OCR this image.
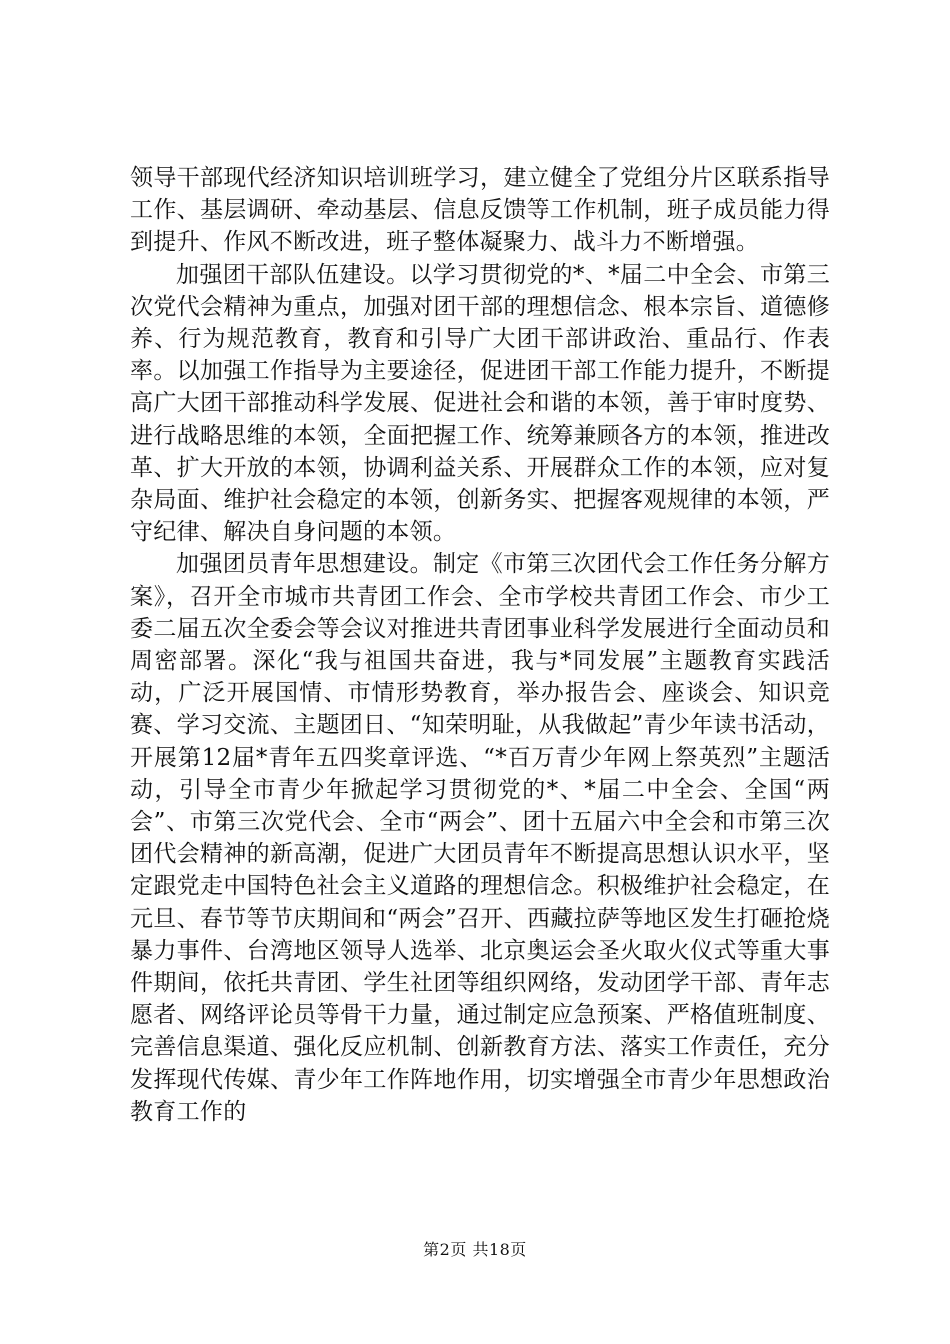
领导干部现代经济知识培训班学习，建立健全了党组分片区联系指导工作、基层调研、牵动基层、信息反馈等工作机制，班子成员能力得到提升、作风不断改进，班子整体凝聚力、战斗力不断增强。

加强团干部队伍建设。以学习贯彻党的*、*届二中全会、市第三次党代会精神为重点，加强对团干部的理想信念、根本宗旨、道德修养、行为规范教育，教育和引导广大团干部讲政治、重品行、作表率。以加强工作指导为主要途径，促进团干部工作能力提升，不断提高广大团干部推动科学发展、促进社会和谐的本领，善于审时度势、进行战略思维的本领，全面把握工作、统筹兼顾各方的本领，推进改革、扩大开放的本领，协调利益关系、开展群众工作的本领，应对复杂局面、维护社会稳定的本领，创新务实、把握客观规律的本领，严守纪律、解决自身问题的本领。

加强团员青年思想建设。制定《市第三次团代会工作任务分解方案》，召开全市城市共青团工作会、全市学校共青团工作会、市少工委二届五次全委会等会议对推进共青团事业科学发展进行全面动员和周密部署。深化“我与祖国共奋进，我与*同发展”主题教育实践活动，广泛开展国情、市情形势教育，举办报告会、座谈会、知识竞赛、学习交流、主题团日、“知荣明耻，从我做起”青少年读书活动，开展第12届*青年五四奖章评选、“*百万青少年网上祭英烈”主题活动，引导全市青少年掀起学习贯彻党的*、*届二中全会、全国“两会”、市第三次党代会、全市“两会”、团十五届六中全会和市第三次团代会精神的新高潮，促进广大团员青年不断提高思想认识水平，坚定跟党走中国特色社会主义道路的理想信念。积极维护社会稳定，在元旦、春节等节庆期间和“两会”召开、西藏拉萨等地区发生打砸抢烧暴力事件、台湾地区领导人选举、北京奥运会圣火取火仪式等重大事件期间，依托共青团、学生社团等组织网络，发动团学干部、青年志愿者、网络评论员等骨干力量，通过制定应急预案、严格值班制度、完善信息渠道、强化反应机制、创新教育方法、落实工作责任，充分发挥现代传媒、青少年工作阵地作用，切实增强全市青少年思想政治教育工作的

第2页 共18页
